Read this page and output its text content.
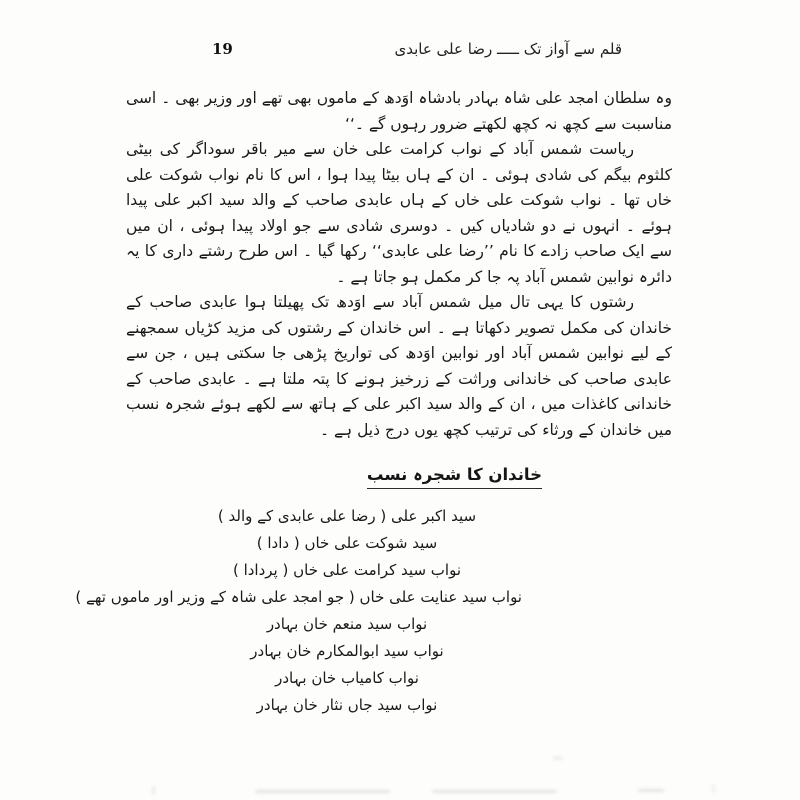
قلم سے آواز تک ـــــ رضا علی عابدی
19

وہ سلطان امجد علی شاہ بہادر بادشاہ اوَدھ کے ماموں بھی تھے اور وزیر بھی ۔ اسی مناسبت سے کچھ نہ کچھ لکھتے ضرور رہوں گے ۔‘‘

ریاست شمس آباد کے نواب کرامت علی خان سے میر باقر سوداگر کی بیٹی کلثوم بیگم کی شادی ہوئی ۔ ان کے ہاں بیٹا پیدا ہوا ، اس کا نام نواب شوکت علی خاں تھا ۔ نواب شوکت علی خاں کے ہاں عابدی صاحب کے والد سید اکبر علی پیدا ہوئے ۔ انہوں نے دو شادیاں کیں ۔ دوسری شادی سے جو اولاد پیدا ہوئی ، ان میں سے ایک صاحب زادے کا نام ’’رضا علی عابدی‘‘ رکھا گیا ۔ اس طرح رشتے داری کا یہ دائرہ نوابین شمس آباد پہ جا کر مکمل ہو جاتا ہے ۔

رشتوں کا یہی تال میل شمس آباد سے اوَدھ تک پھیلتا ہوا عابدی صاحب کے خاندان کی مکمل تصویر دکھاتا ہے ۔ اس خاندان کے رشتوں کی مزید کڑیاں سمجھنے کے لیے نوابین شمس آباد اور نوابین اوَدھ کی تواریخ پڑھی جا سکتی ہیں ، جن سے عابدی صاحب کی خاندانی وراثت کے زرخیز ہونے کا پتہ ملتا ہے ۔ عابدی صاحب کے خاندانی کاغذات میں ، ان کے والد سید اکبر علی کے ہاتھ سے لکھے ہوئے شجرہ نسب میں خاندان کے ورثاء کی ترتیب کچھ یوں درج ذیل ہے ۔

خاندان کا شجرہ نسب
سید اکبر علی ( رضا علی عابدی کے والد )
سید شوکت علی خاں ( دادا )
نواب سید کرامت علی خاں ( پردادا )
نواب سید عنایت علی خاں ( جو امجد علی شاہ کے وزیر اور ماموں تھے )
نواب سید منعم خان بہادر
نواب سید ابوالمکارم خان بہادر
نواب کامیاب خان بہادر
نواب سید جاں نثار خان بہادر
